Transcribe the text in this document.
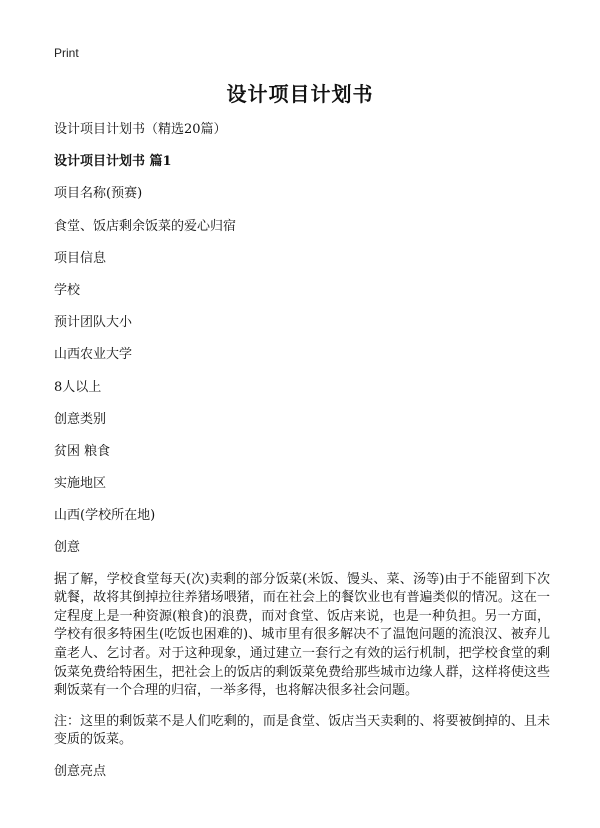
Print
设计项目计划书
设计项目计划书（精选20篇）
设计项目计划书 篇1
项目名称(预赛)
食堂、饭店剩余饭菜的爱心归宿
项目信息
学校
预计团队大小
山西农业大学
8人以上
创意类别
贫困 粮食
实施地区
山西(学校所在地)
创意
据了解，学校食堂每天(次)卖剩的部分饭菜(米饭、馒头、菜、汤等)由于不能留到下次就餐，故将其倒掉拉往养猪场喂猪，而在社会上的餐饮业也有普遍类似的情况。这在一定程度上是一种资源(粮食)的浪费，而对食堂、饭店来说，也是一种负担。另一方面，学校有很多特困生(吃饭也困难的)、城市里有很多解决不了温饱问题的流浪汉、被弃儿童老人、乞讨者。对于这种现象，通过建立一套行之有效的运行机制，把学校食堂的剩饭菜免费给特困生，把社会上的饭店的剩饭菜免费给那些城市边缘人群，这样将使这些剩饭菜有一个合理的归宿，一举多得，也将解决很多社会问题。
注：这里的剩饭菜不是人们吃剩的，而是食堂、饭店当天卖剩的、将要被倒掉的、且未变质的饭菜。
创意亮点
